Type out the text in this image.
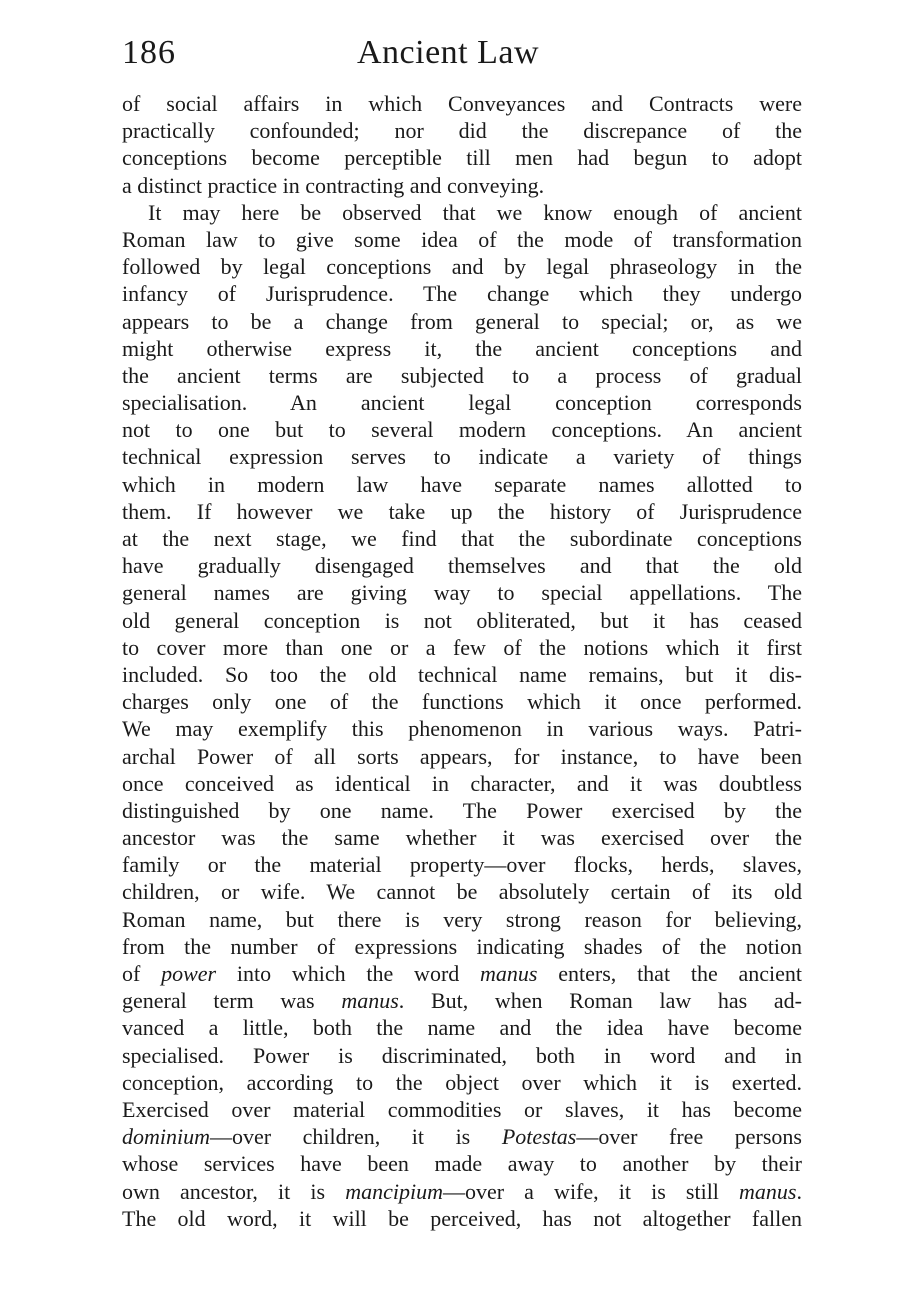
186	Ancient Law
of social affairs in which Conveyances and Contracts were
practically confounded; nor did the discrepance of the
conceptions become perceptible till men had begun to adopt
a distinct practice in contracting and conveying.
It may here be observed that we know enough of ancient
Roman law to give some idea of the mode of transformation
followed by legal conceptions and by legal phraseology in the
infancy of Jurisprudence. The change which they undergo
appears to be a change from general to special; or, as we
might otherwise express it, the ancient conceptions and
the ancient terms are subjected to a process of gradual
specialisation. An ancient legal conception corresponds
not to one but to several modern conceptions. An ancient
technical expression serves to indicate a variety of things
which in modern law have separate names allotted to
them. If however we take up the history of Jurisprudence
at the next stage, we find that the subordinate conceptions
have gradually disengaged themselves and that the old
general names are giving way to special appellations. The
old general conception is not obliterated, but it has ceased
to cover more than one or a few of the notions which it first
included. So too the old technical name remains, but it dis-
charges only one of the functions which it once performed.
We may exemplify this phenomenon in various ways. Patri-
archal Power of all sorts appears, for instance, to have been
once conceived as identical in character, and it was doubtless
distinguished by one name. The Power exercised by the
ancestor was the same whether it was exercised over the
family or the material property—over flocks, herds, slaves,
children, or wife. We cannot be absolutely certain of its old
Roman name, but there is very strong reason for believing,
from the number of expressions indicating shades of the notion
of power into which the word manus enters, that the ancient
general term was manus. But, when Roman law has ad-
vanced a little, both the name and the idea have become
specialised. Power is discriminated, both in word and in
conception, according to the object over which it is exerted.
Exercised over material commodities or slaves, it has become
dominium—over children, it is Potestas—over free persons
whose services have been made away to another by their
own ancestor, it is mancipium—over a wife, it is still manus.
The old word, it will be perceived, has not altogether fallen
